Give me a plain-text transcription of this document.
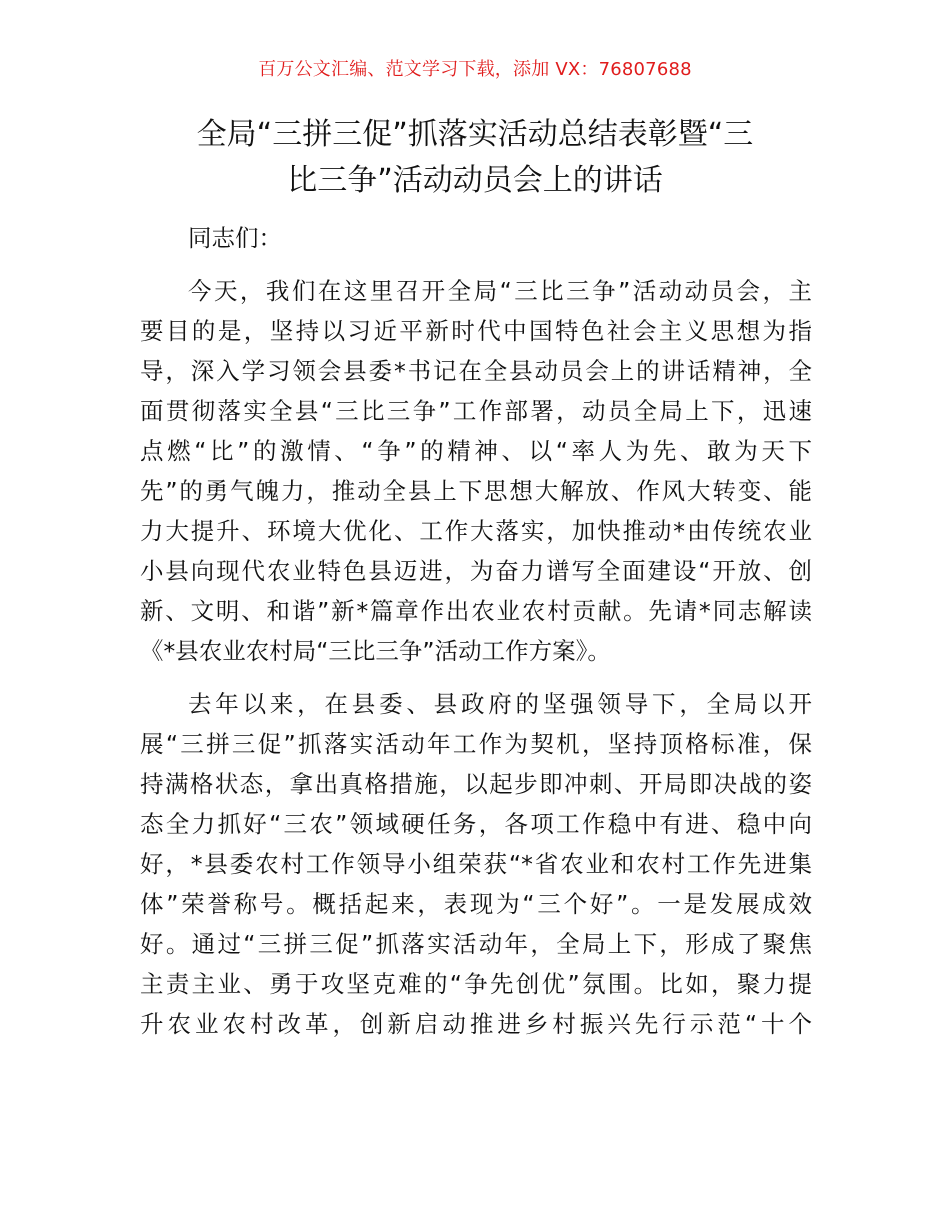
百万公文汇编、范文学习下载，添加 VX：76807688
全局“三拼三促”抓落实活动总结表彰暨“三
比三争”活动动员会上的讲话
同志们：
今天，我们在这里召开全局“三比三争”活动动员会，主
要目的是，坚持以习近平新时代中国特色社会主义思想为指
导，深入学习领会县委*书记在全县动员会上的讲话精神，全
面贯彻落实全县“三比三争”工作部署，动员全局上下，迅速
点燃“比”的激情、“争”的精神、以“率人为先、敢为天下
先”的勇气魄力，推动全县上下思想大解放、作风大转变、能
力大提升、环境大优化、工作大落实，加快推动*由传统农业
小县向现代农业特色县迈进，为奋力谱写全面建设“开放、创
新、文明、和谐”新*篇章作出农业农村贡献。先请*同志解读
《*县农业农村局“三比三争”活动工作方案》。
去年以来，在县委、县政府的坚强领导下，全局以开
展“三拼三促”抓落实活动年工作为契机，坚持顶格标准，保
持满格状态，拿出真格措施，以起步即冲刺、开局即决战的姿
态全力抓好“三农”领域硬任务，各项工作稳中有进、稳中向
好，*县委农村工作领导小组荣获“*省农业和农村工作先进集
体”荣誉称号。概括起来，表现为“三个好”。一是发展成效
好。通过“三拼三促”抓落实活动年，全局上下，形成了聚焦
主责主业、勇于攻坚克难的“争先创优”氛围。比如，聚力提
升农业农村改革，创新启动推进乡村振兴先行示范“十个
